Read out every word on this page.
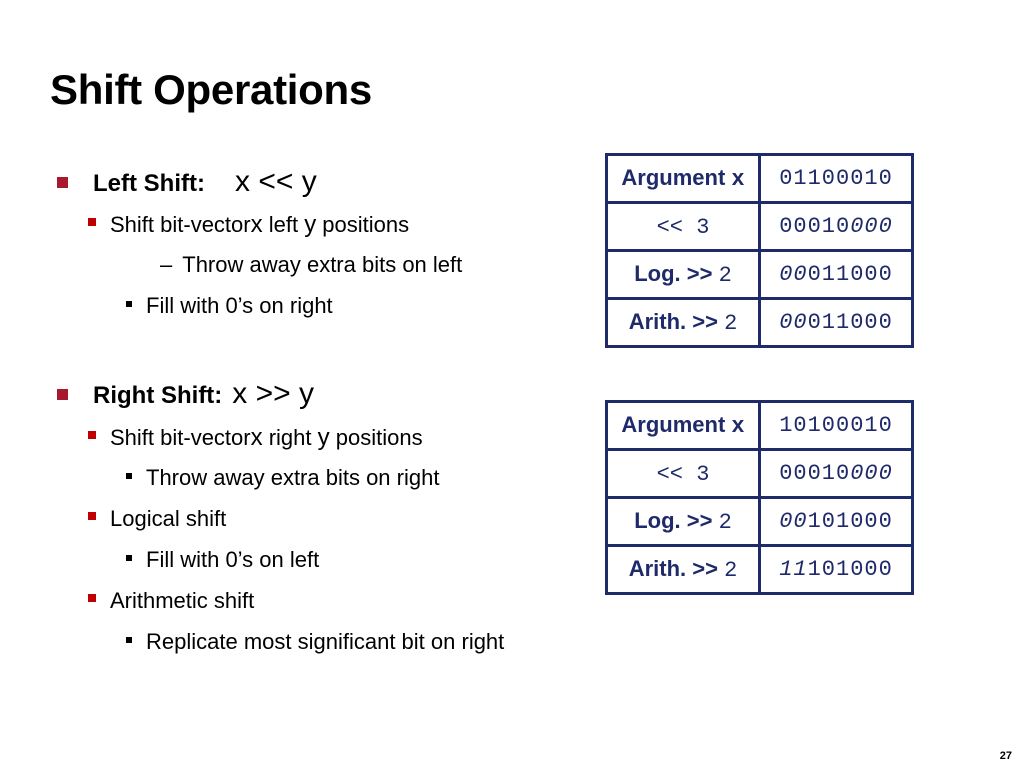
Shift Operations
Left Shift: x << y
Shift bit-vector x left y positions
– Throw away extra bits on left
Fill with 0’s on right
Right Shift: x >> y
Shift bit-vector x right y positions
Throw away extra bits on right
Logical shift
Fill with 0’s on left
Arithmetic shift
Replicate most significant bit on right
Argument x	01100010
<< 3	00010000
Log. >> 2	00011000
Arith. >> 2	00011000
Argument x	10100010
<< 3	00010000
Log. >> 2	00101000
Arith. >> 2	11101000
27
